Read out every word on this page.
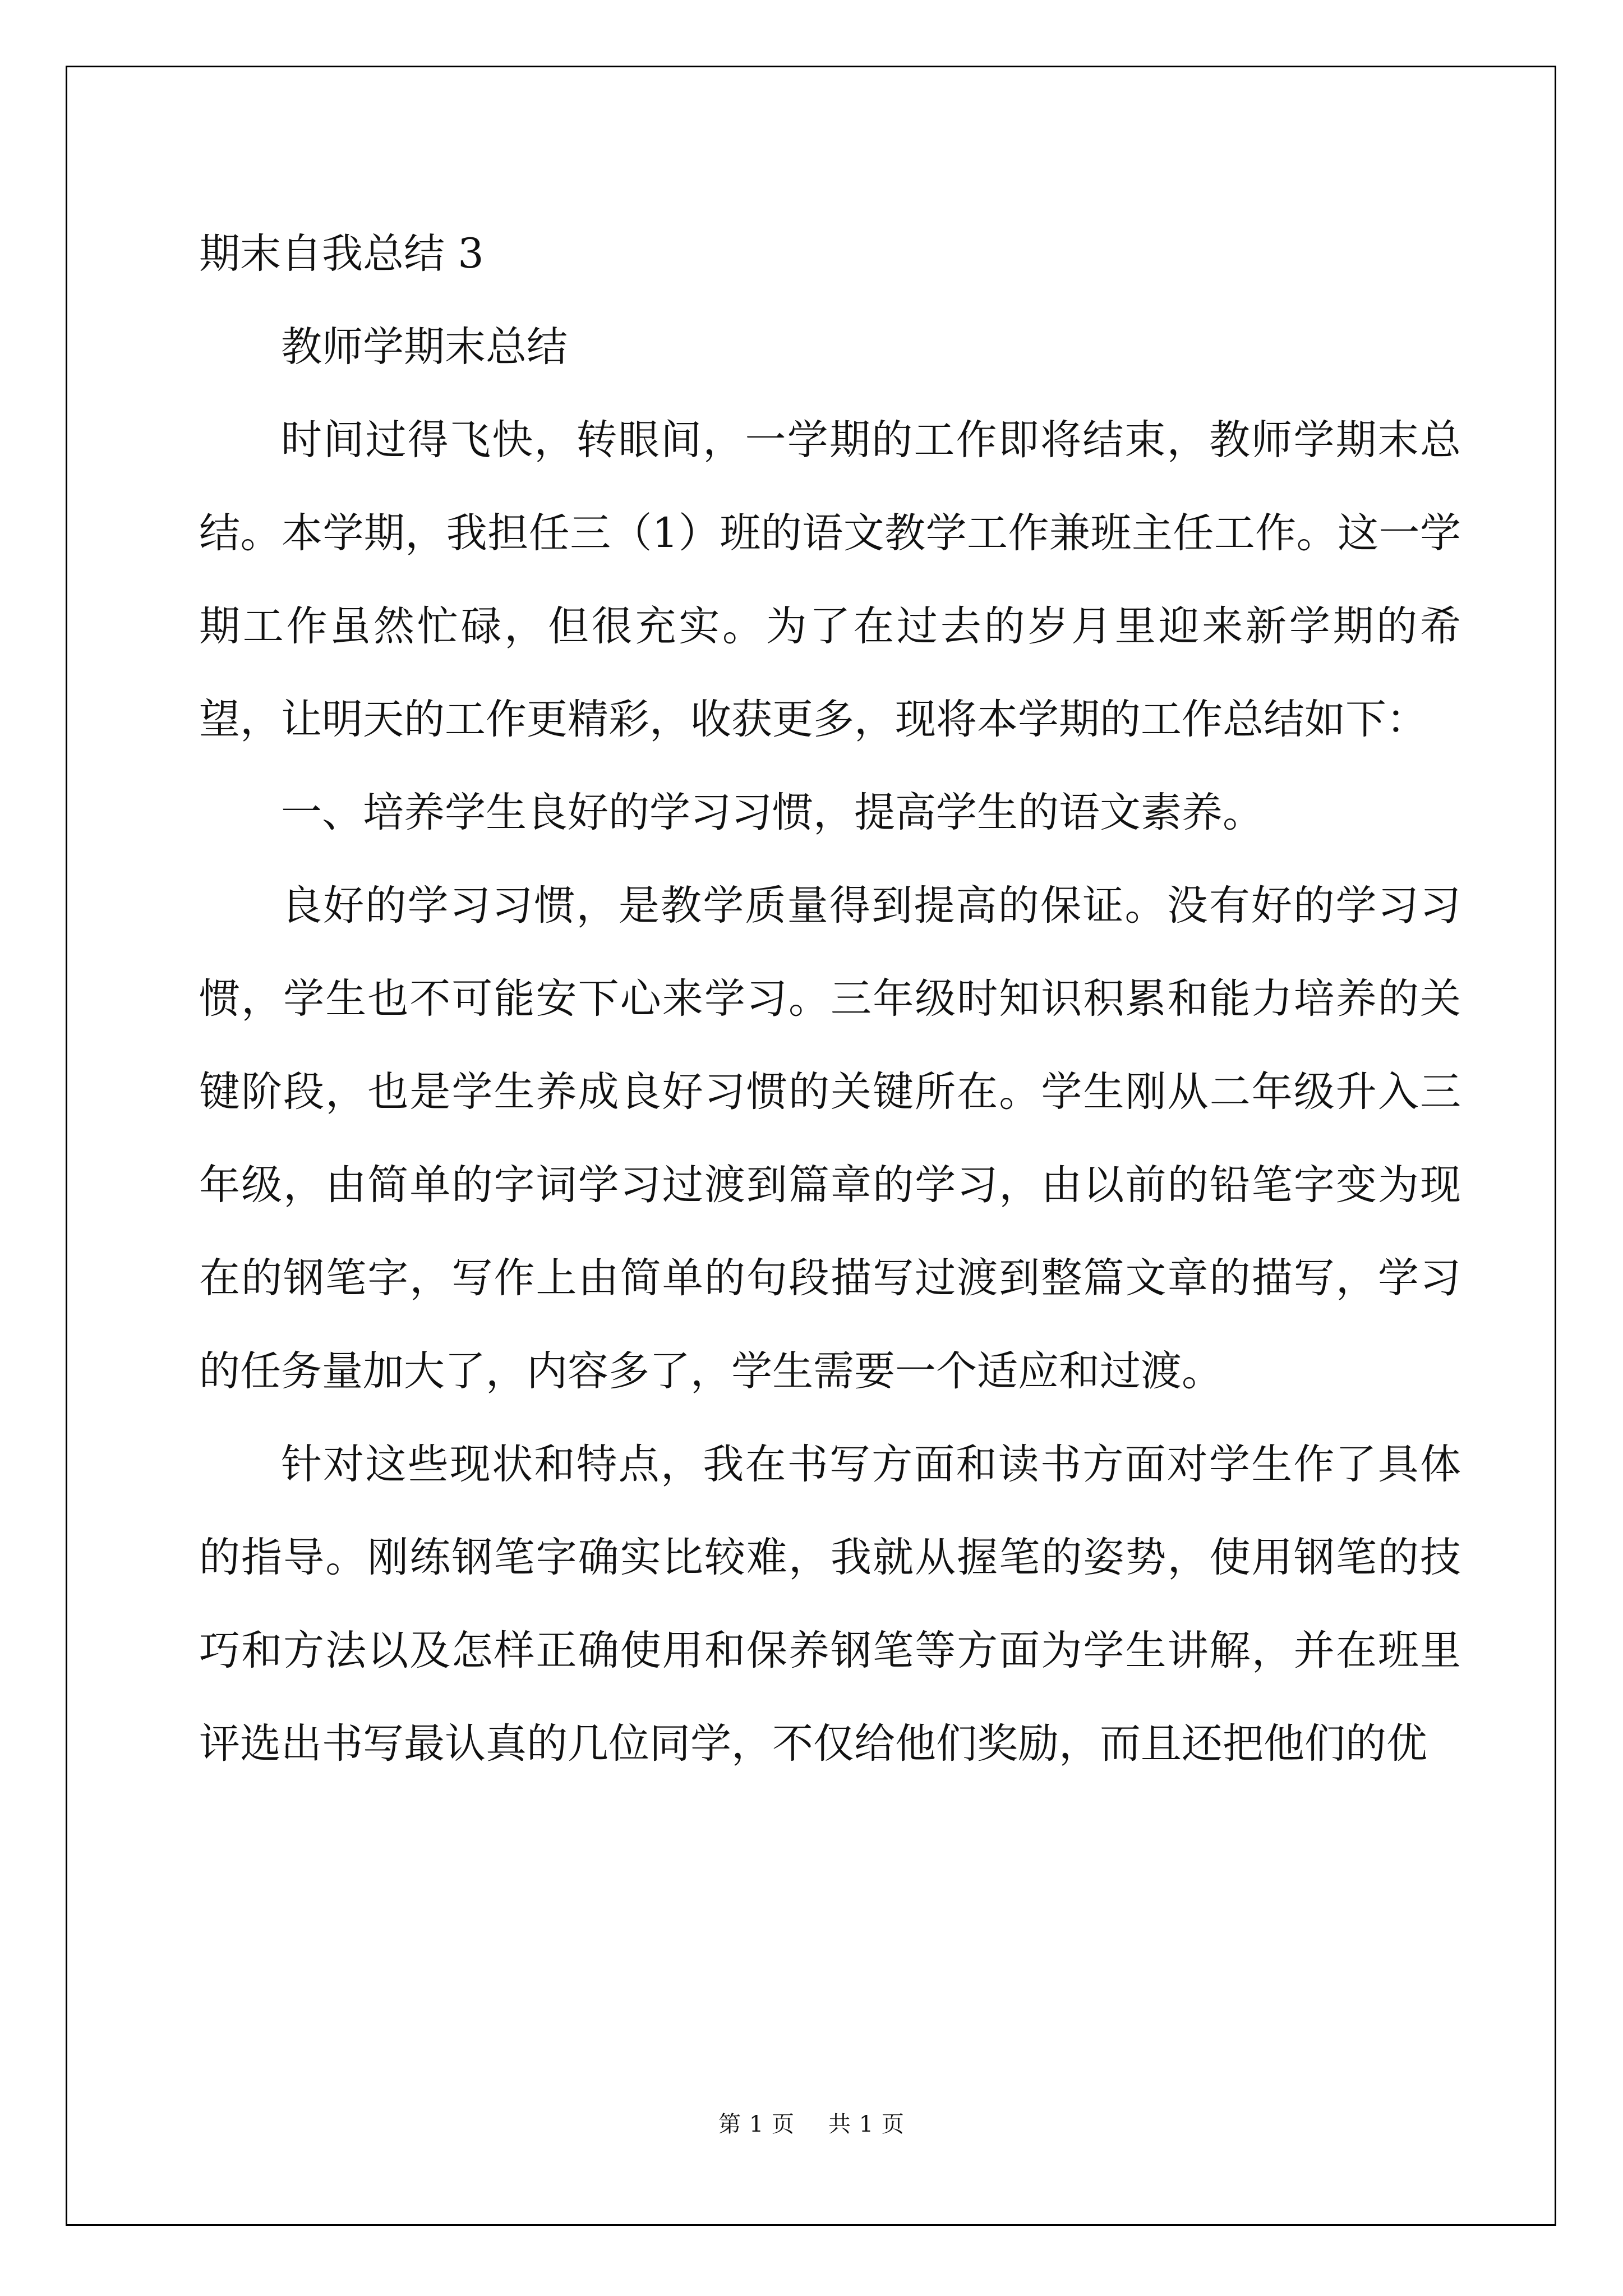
期末自我总结 3

教师学期末总结

时间过得飞快，转眼间，一学期的工作即将结束，教师学期末总结。本学期，我担任三（1）班的语文教学工作兼班主任工作。这一学期工作虽然忙碌，但很充实。为了在过去的岁月里迎来新学期的希望，让明天的工作更精彩，收获更多，现将本学期的工作总结如下：

一、培养学生良好的学习习惯，提高学生的语文素养。

良好的学习习惯，是教学质量得到提高的保证。没有好的学习习惯，学生也不可能安下心来学习。三年级时知识积累和能力培养的关键阶段，也是学生养成良好习惯的关键所在。学生刚从二年级升入三年级，由简单的字词学习过渡到篇章的学习，由以前的铅笔字变为现在的钢笔字，写作上由简单的句段描写过渡到整篇文章的描写，学习的任务量加大了，内容多了，学生需要一个适应和过渡。

针对这些现状和特点，我在书写方面和读书方面对学生作了具体的指导。刚练钢笔字确实比较难，我就从握笔的姿势，使用钢笔的技巧和方法以及怎样正确使用和保养钢笔等方面为学生讲解，并在班里评选出书写最认真的几位同学，不仅给他们奖励，而且还把他们的优

第 1 页 共 1 页
